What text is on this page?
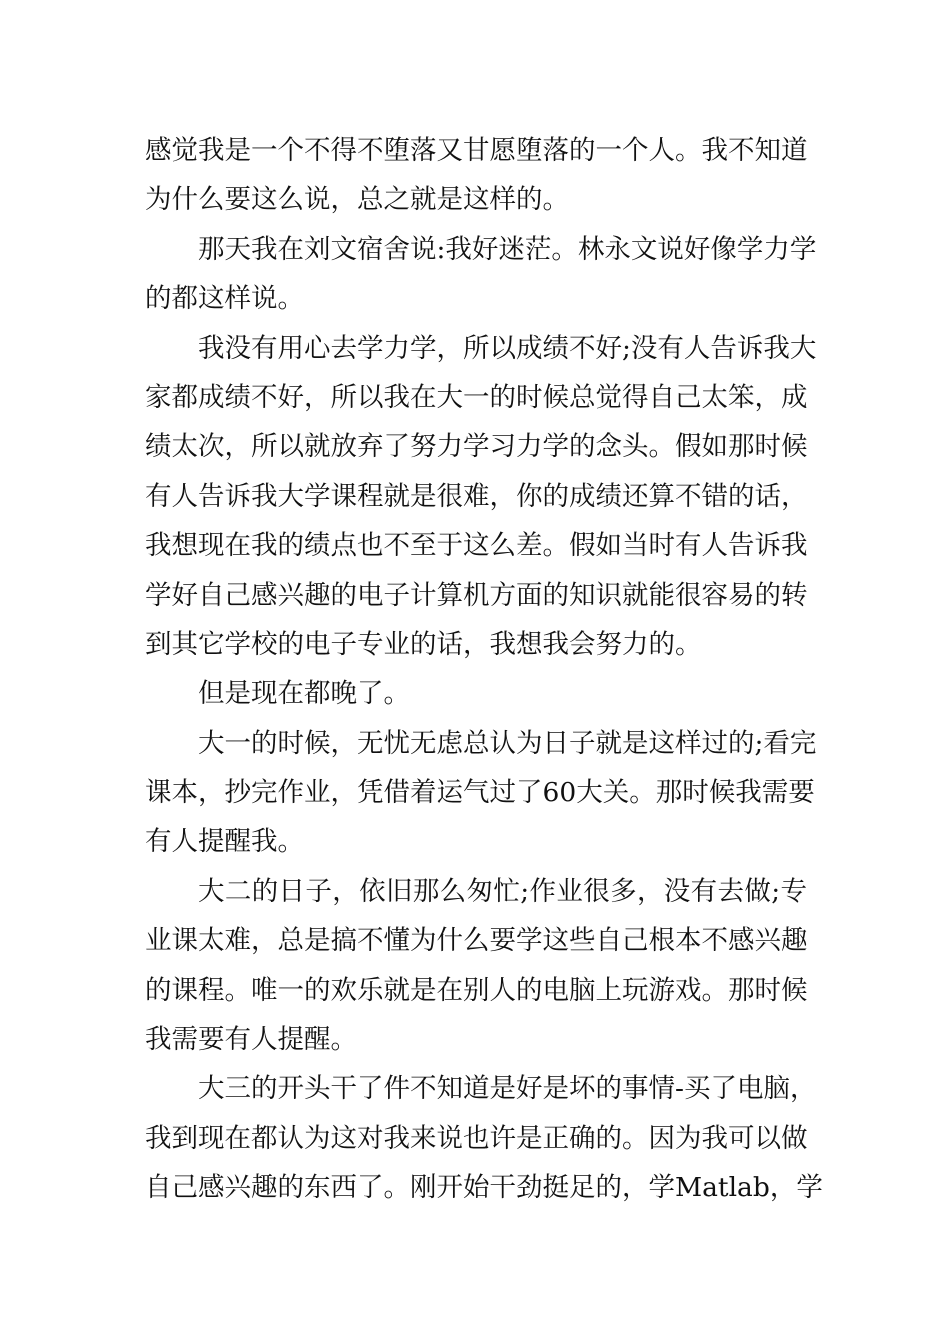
感觉我是一个不得不堕落又甘愿堕落的一个人。我不知道
为什么要这么说，总之就是这样的。
那天我在刘文宿舍说:我好迷茫。林永文说好像学力学
的都这样说。
我没有用心去学力学，所以成绩不好;没有人告诉我大
家都成绩不好，所以我在大一的时候总觉得自己太笨，成
绩太次，所以就放弃了努力学习力学的念头。假如那时候
有人告诉我大学课程就是很难，你的成绩还算不错的话，
我想现在我的绩点也不至于这么差。假如当时有人告诉我
学好自己感兴趣的电子计算机方面的知识就能很容易的转
到其它学校的电子专业的话，我想我会努力的。
但是现在都晚了。
大一的时候，无忧无虑总认为日子就是这样过的;看完
课本，抄完作业，凭借着运气过了60大关。那时候我需要
有人提醒我。
大二的日子，依旧那么匆忙;作业很多，没有去做;专
业课太难，总是搞不懂为什么要学这些自己根本不感兴趣
的课程。唯一的欢乐就是在别人的电脑上玩游戏。那时候
我需要有人提醒。
大三的开头干了件不知道是好是坏的事情-买了电脑，
我到现在都认为这对我来说也许是正确的。因为我可以做
自己感兴趣的东西了。刚开始干劲挺足的，学Matlab，学
